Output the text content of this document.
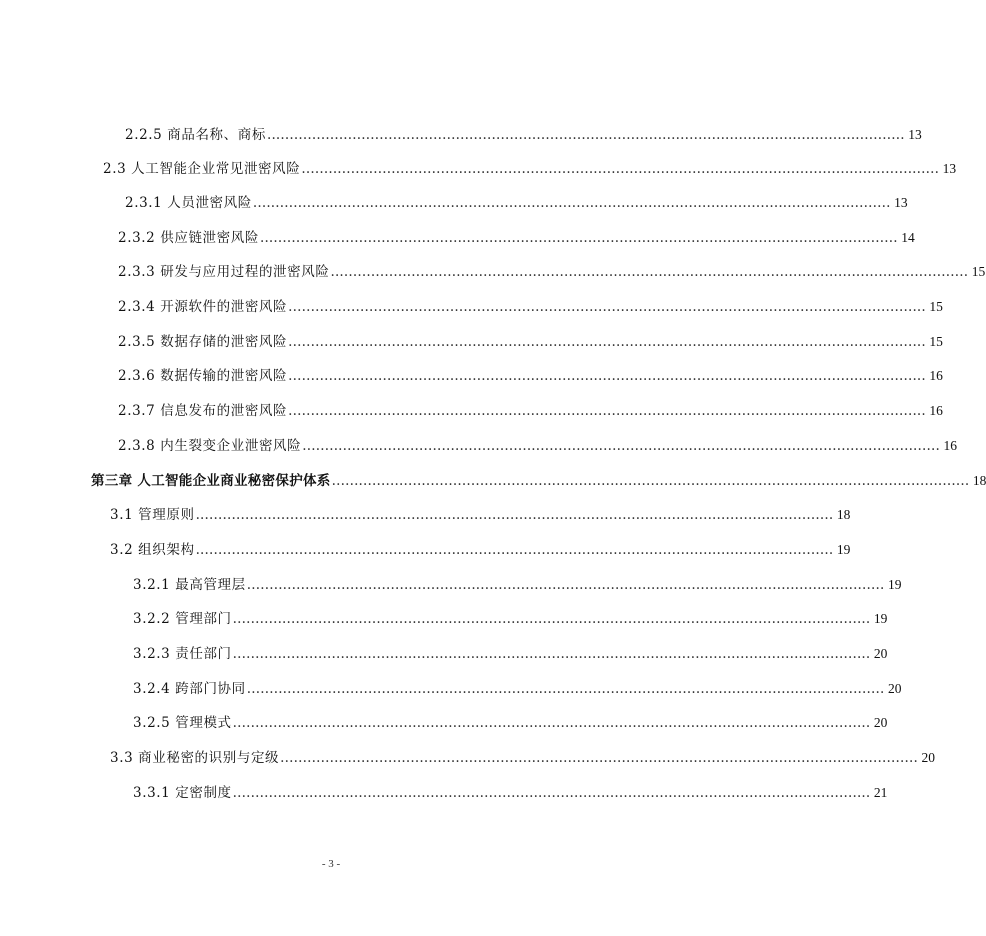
2.2.5 商品名称、商标 .............................................................................................................................................. 13
2.3 人工智能企业常见泄密风险 .............................................................................................................................................. 13
2.3.1 人员泄密风险 .............................................................................................................................................. 13
2.3.2 供应链泄密风险 .............................................................................................................................................. 14
2.3.3 研发与应用过程的泄密风险 .............................................................................................................................................. 15
2.3.4 开源软件的泄密风险 .............................................................................................................................................. 15
2.3.5 数据存储的泄密风险 .............................................................................................................................................. 15
2.3.6 数据传输的泄密风险 .............................................................................................................................................. 16
2.3.7 信息发布的泄密风险 .............................................................................................................................................. 16
2.3.8 内生裂变企业泄密风险 .............................................................................................................................................. 16
第三章 人工智能企业商业秘密保护体系 .............................................................................................................................................. 18
3.1 管理原则 .............................................................................................................................................. 18
3.2 组织架构 .............................................................................................................................................. 19
3.2.1 最高管理层 .............................................................................................................................................. 19
3.2.2 管理部门 .............................................................................................................................................. 19
3.2.3 责任部门 .............................................................................................................................................. 20
3.2.4 跨部门协同 .............................................................................................................................................. 20
3.2.5 管理模式 .............................................................................................................................................. 20
3.3 商业秘密的识别与定级 .............................................................................................................................................. 20
3.3.1 定密制度 .............................................................................................................................................. 21
- 3 -
